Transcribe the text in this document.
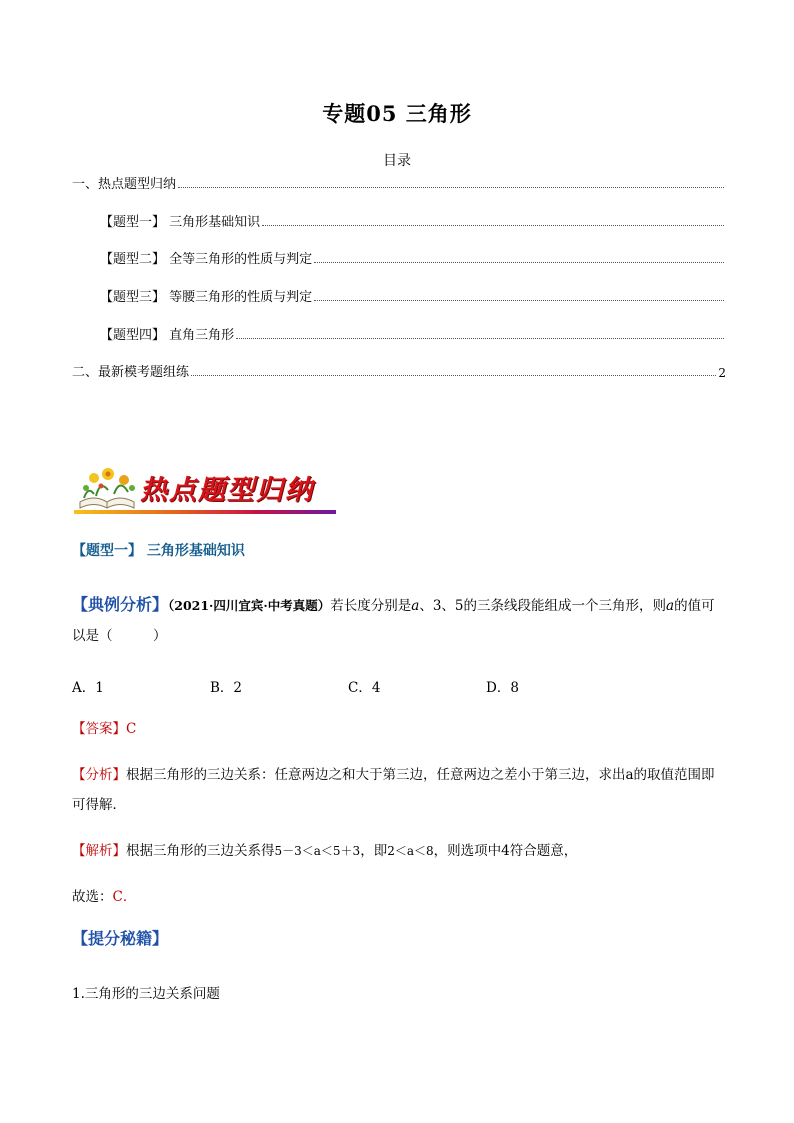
专题05 三角形
目录
一、热点题型归纳
【题型一】 三角形基础知识
【题型二】 全等三角形的性质与判定
【题型三】 等腰三角形的性质与判定
【题型四】 直角三角形
二、最新模考题组练	2
热点题型归纳
【题型一】 三角形基础知识
【典例分析】（2021·四川宜宾·中考真题）若长度分别是a、3、5的三条线段能组成一个三角形，则a的值可以是（　　　）
A．1	B．2	C．4	D．8
【答案】C
【分析】根据三角形的三边关系：任意两边之和大于第三边，任意两边之差小于第三边，求出a的取值范围即可得解．
【解析】根据三角形的三边关系得5－3＜a＜5＋3，即2＜a＜8，则选项中4符合题意，
故选：C．
【提分秘籍】
1.三角形的三边关系问题
